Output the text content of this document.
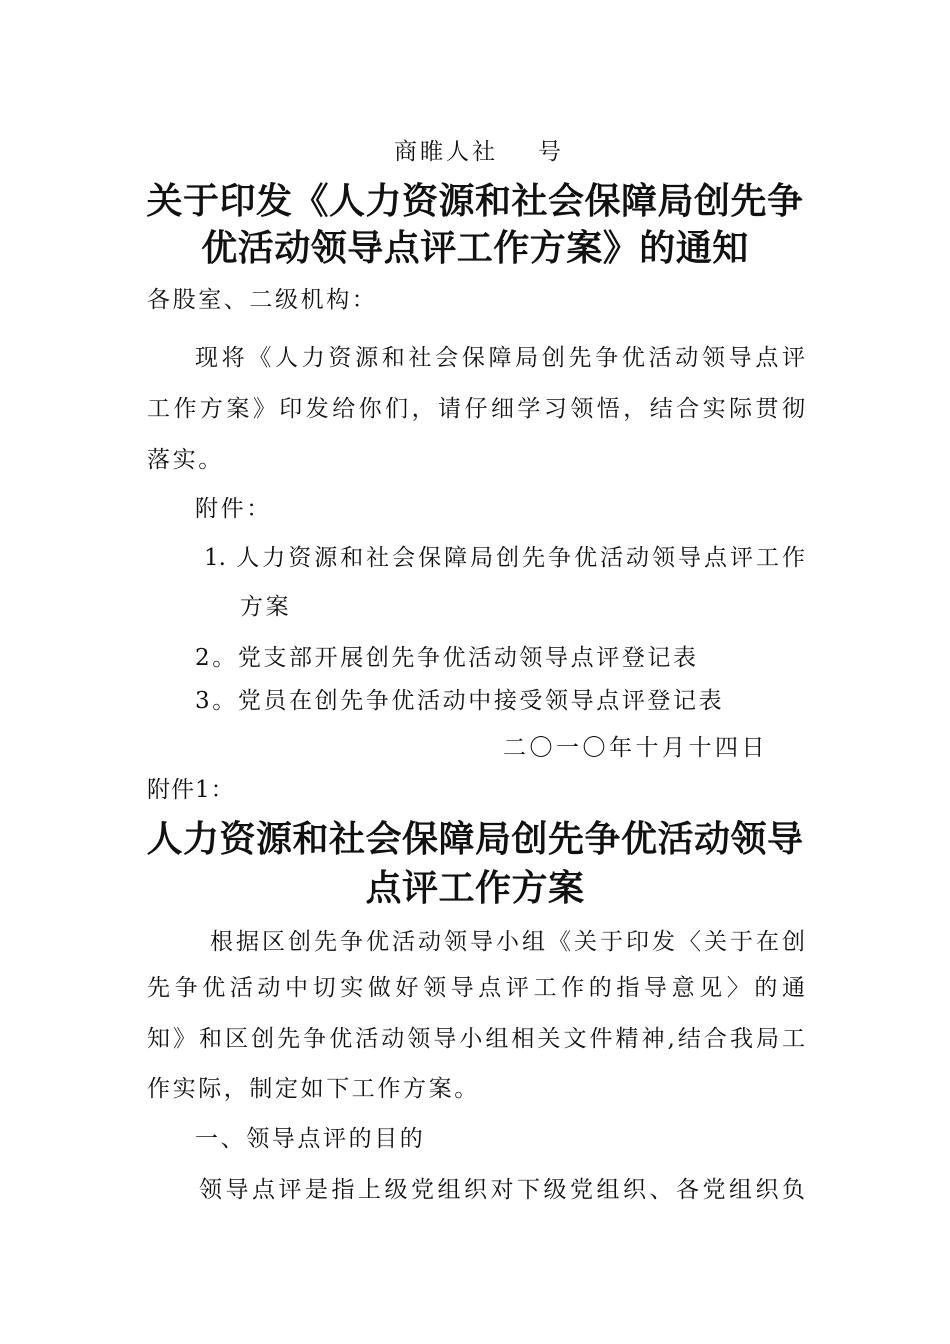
商睢人社 号
关于印发《人力资源和社会保障局创先争
优活动领导点评工作方案》的通知
各股室、二级机构：
现将《人力资源和社会保障局创先争优活动领导点评
工作方案》印发给你们，请仔细学习领悟，结合实际贯彻
落实。
附件：
1. 人力资源和社会保障局创先争优活动领导点评工作
方案
2。党支部开展创先争优活动领导点评登记表
3。党员在创先争优活动中接受领导点评登记表
二〇一〇年十月十四日
附件1：
人力资源和社会保障局创先争优活动领导
点评工作方案
根据区创先争优活动领导小组《关于印发〈关于在创
先争优活动中切实做好领导点评工作的指导意见〉的通
知》和区创先争优活动领导小组相关文件精神,结合我局工
作实际，制定如下工作方案。
一、领导点评的目的
领导点评是指上级党组织对下级党组织、各党组织负
